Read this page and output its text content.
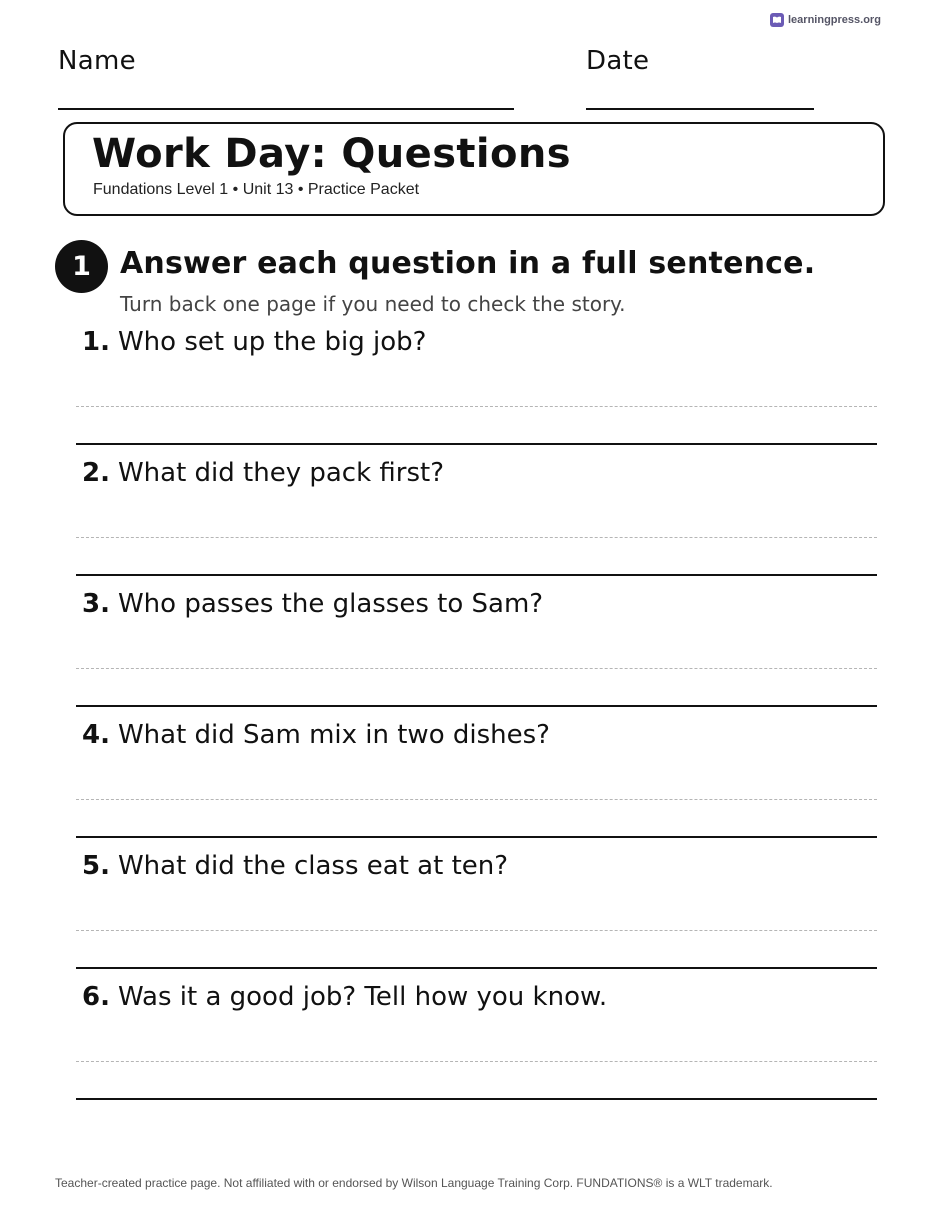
learningpress.org
Name	Date
Work Day: Questions
Fundations Level 1 • Unit 13 • Practice Packet
1 Answer each question in a full sentence.
Turn back one page if you need to check the story.
1. Who set up the big job?
2. What did they pack first?
3. Who passes the glasses to Sam?
4. What did Sam mix in two dishes?
5. What did the class eat at ten?
6. Was it a good job? Tell how you know.
Teacher-created practice page. Not affiliated with or endorsed by Wilson Language Training Corp. FUNDATIONS® is a WLT trademark.
